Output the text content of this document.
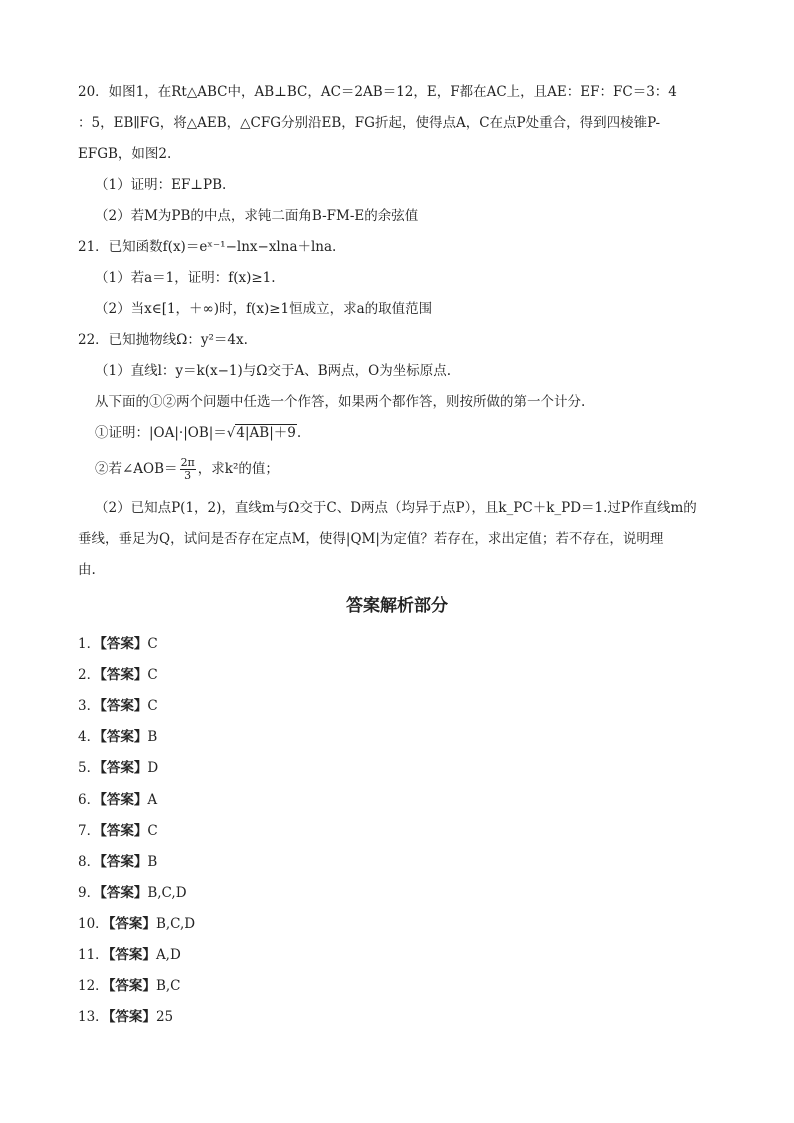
20．如图1，在Rt△ABC中，AB⊥BC，AC＝2AB＝12，E，F都在AC上，且AE：EF：FC＝3：4
：5，EB∥FG，将△AEB，△CFG分别沿EB，FG折起，使得点A，C在点P处重合，得到四棱锥P-
EFGB，如图2.
（1）证明：EF⊥PB.
（2）若M为PB的中点，求钝二面角B-FM-E的余弦值
21．已知函数f(x)＝eˣ⁻¹−lnx−xlna＋lna.
（1）若a＝1，证明：f(x)≥1.
（2）当x∈[1，＋∞)时，f(x)≥1恒成立，求a的取值范围
22．已知抛物线Ω：y²＝4x.
（1）直线l：y＝k(x−1)与Ω交于A、B两点，O为坐标原点.
从下面的①②两个问题中任选一个作答，如果两个都作答，则按所做的第一个计分.
①证明：|OA|·|OB|＝√4|AB|＋9.
②若∠AOB＝ $\frac{2\pi}{3}$ ，求k²的值；
（2）已知点P(1，2)，直线m与Ω交于C、D两点（均异于点P），且k_PC＋k_PD＝1.过P作直线m的
垂线，垂足为Q，试问是否存在定点M，使得|QM|为定值？若存在，求出定值；若不存在，说明理
由.
答案解析部分
1．【答案】C
2．【答案】C
3．【答案】C
4．【答案】B
5．【答案】D
6．【答案】A
7．【答案】C
8．【答案】B
9．【答案】B,C,D
10．【答案】B,C,D
11．【答案】A,D
12．【答案】B,C
13．【答案】25
